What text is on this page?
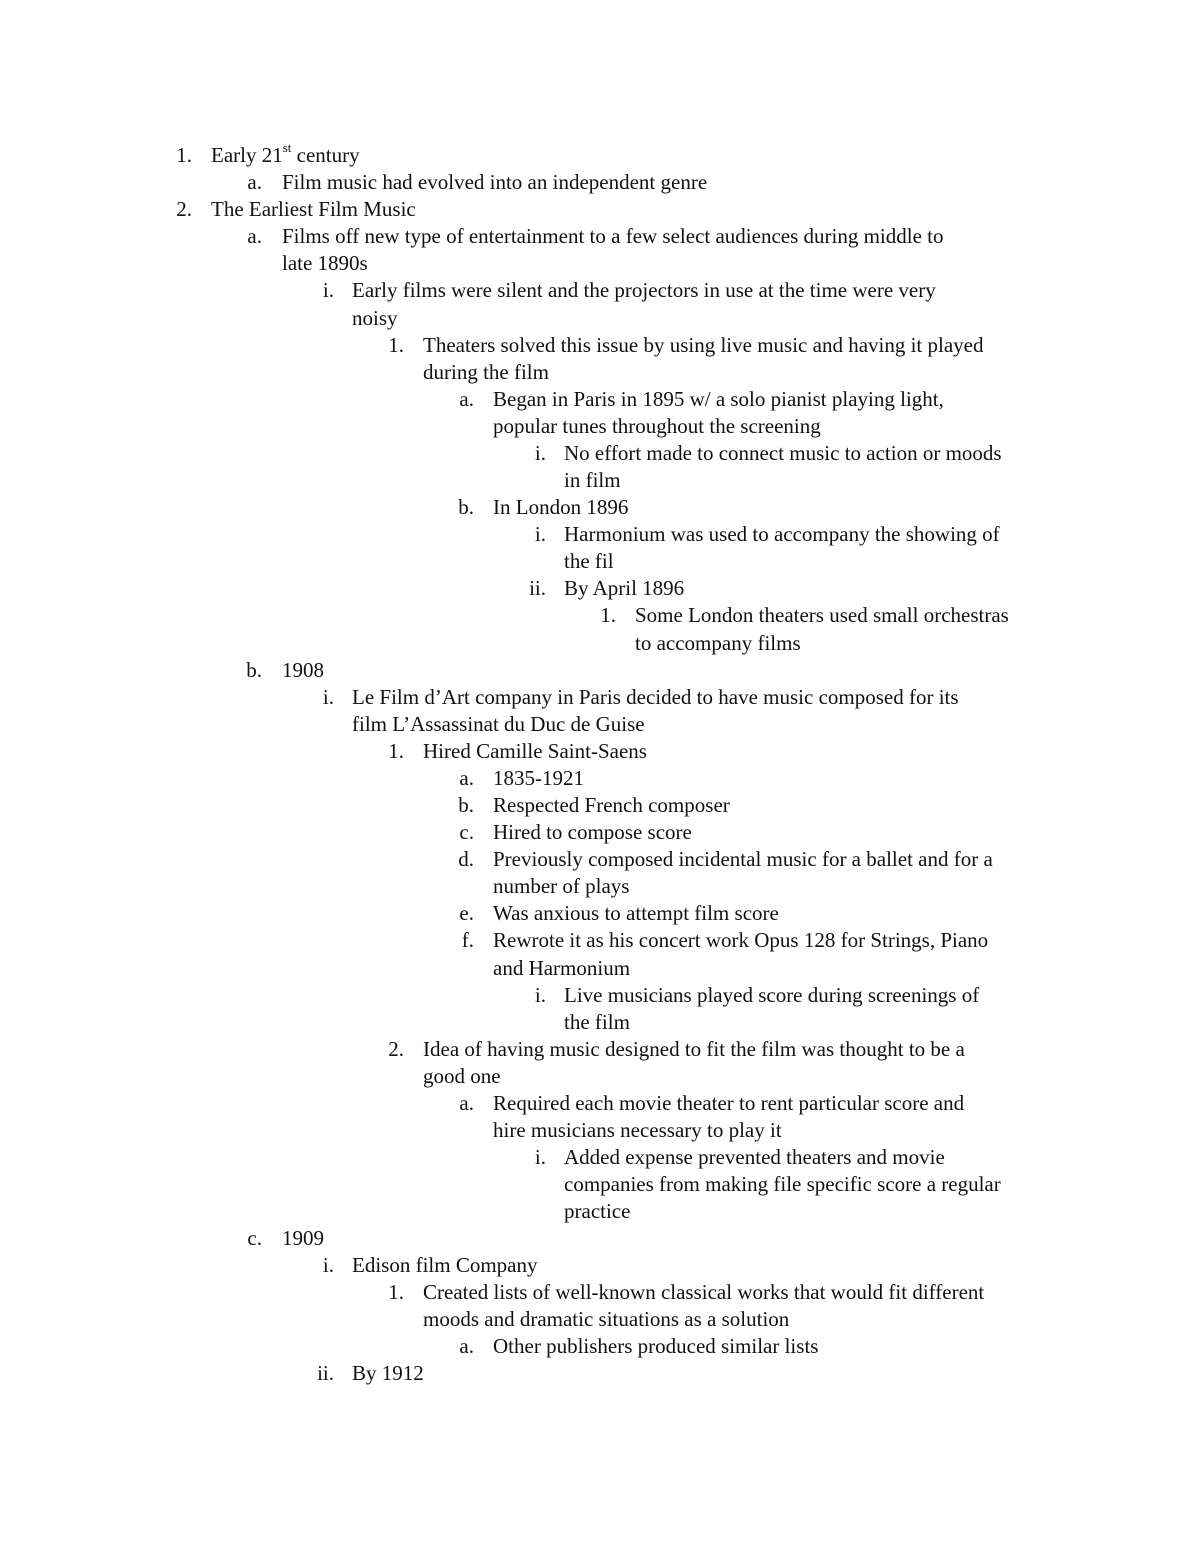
1. Early 21st century
a. Film music had evolved into an independent genre
2. The Earliest Film Music
a. Films off new type of entertainment to a few select audiences during middle to
late 1890s
i. Early films were silent and the projectors in use at the time were very
noisy
1. Theaters solved this issue by using live music and having it played
during the film
a. Began in Paris in 1895 w/ a solo pianist playing light,
popular tunes throughout the screening
i. No effort made to connect music to action or moods
in film
b. In London 1896
i. Harmonium was used to accompany the showing of
the fil
ii. By April 1896
1. Some London theaters used small orchestras
to accompany films
b. 1908
i. Le Film d’Art company in Paris decided to have music composed for its
film L’Assassinat du Duc de Guise
1. Hired Camille Saint-Saens
a. 1835-1921
b. Respected French composer
c. Hired to compose score
d. Previously composed incidental music for a ballet and for a
number of plays
e. Was anxious to attempt film score
f. Rewrote it as his concert work Opus 128 for Strings, Piano
and Harmonium
i. Live musicians played score during screenings of
the film
2. Idea of having music designed to fit the film was thought to be a
good one
a. Required each movie theater to rent particular score and
hire musicians necessary to play it
i. Added expense prevented theaters and movie
companies from making file specific score a regular
practice
c. 1909
i. Edison film Company
1. Created lists of well-known classical works that would fit different
moods and dramatic situations as a solution
a. Other publishers produced similar lists
ii. By 1912
